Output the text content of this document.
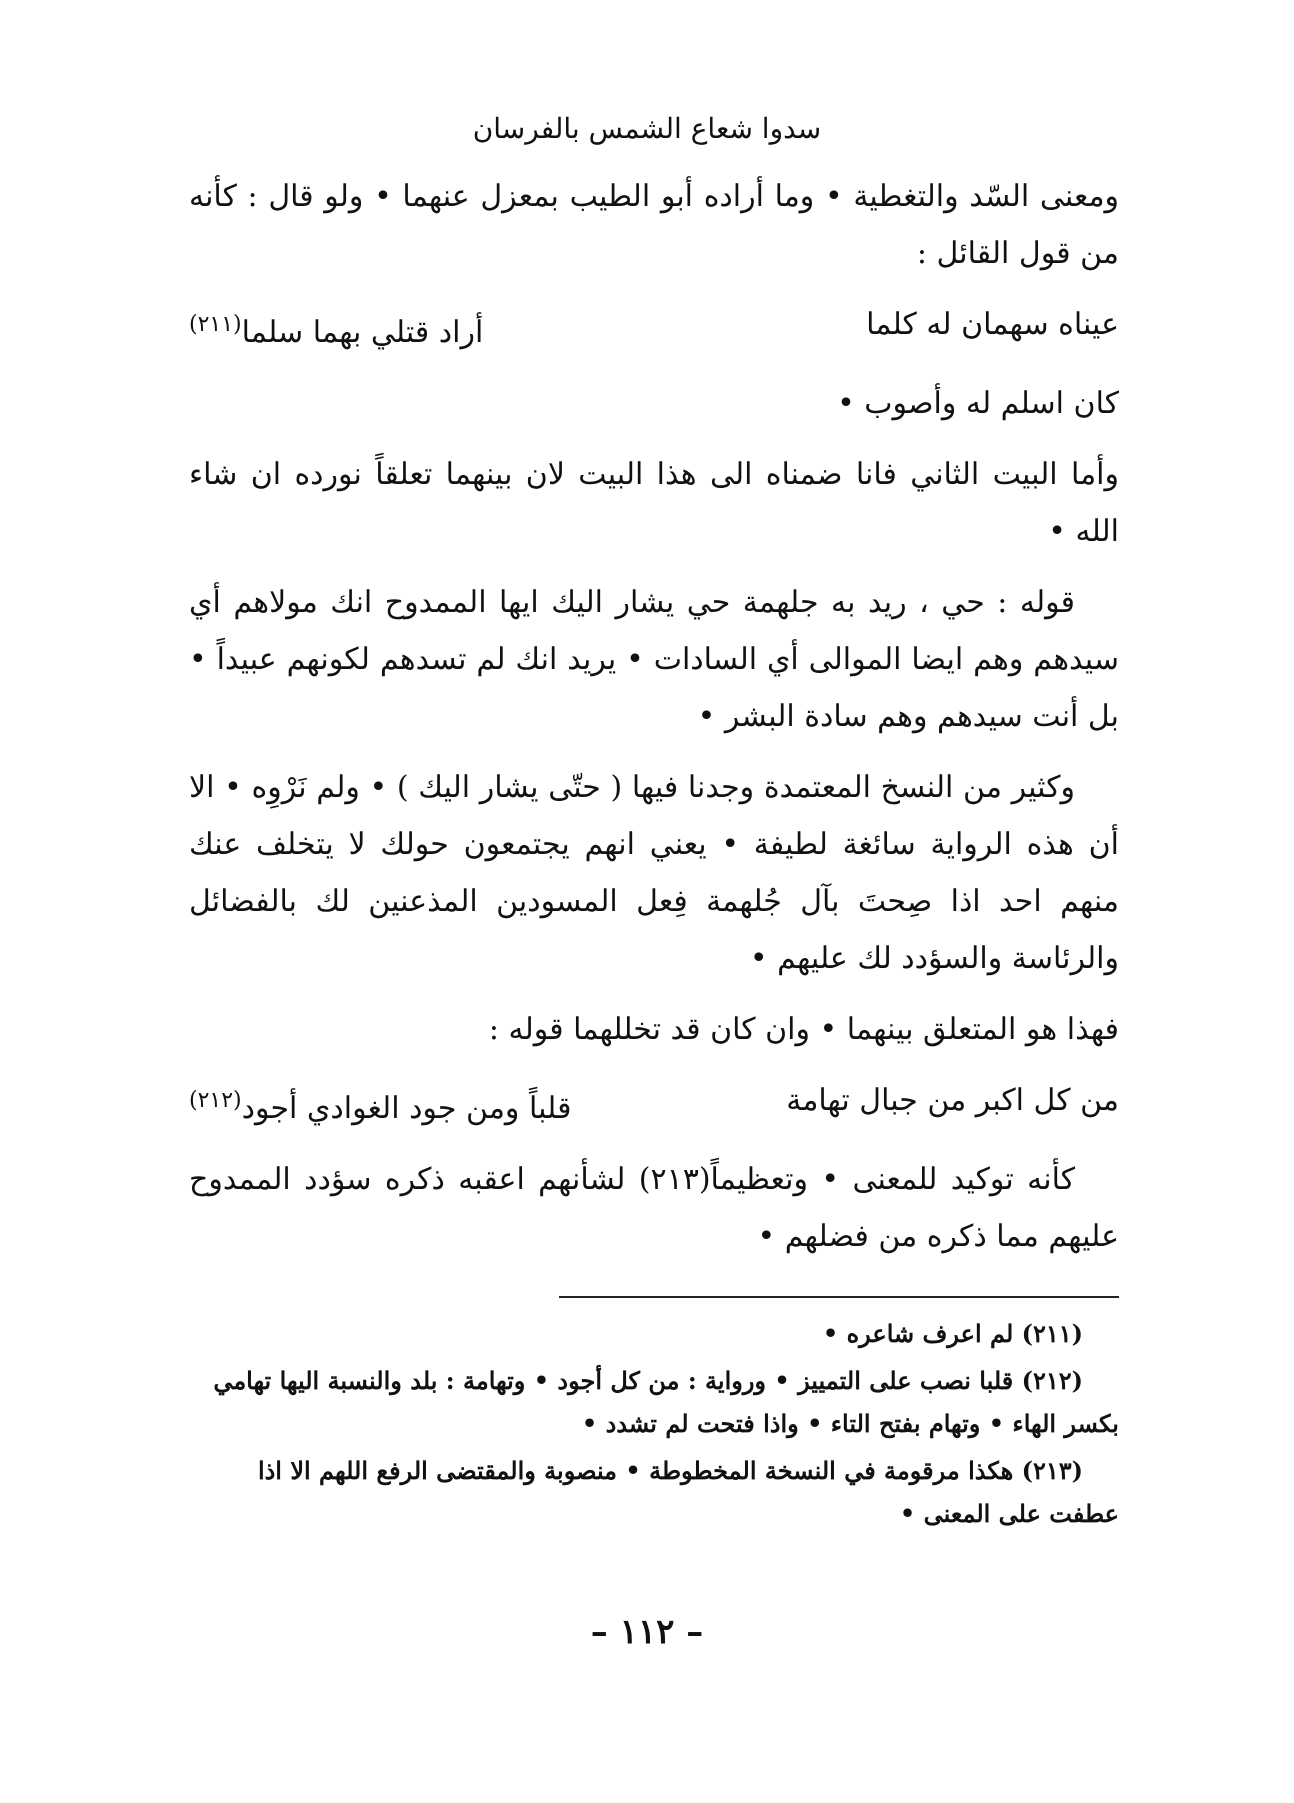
سدوا شعاع الشمس بالفرسان

ومعنى السّد والتغطية • وما أراده أبو الطيب بمعزل عنهما • ولو قال : كأنه من قول القائل :

عيناه سهمان له كلما
أراد قتلي بهما سلما$^{(٢١١)}$

كان اسلم له وأصوب •

وأما البيت الثاني فانا ضمناه الى هذا البيت لان بينهما تعلقاً نورده ان شاء الله •

قوله : حي ، ريد به جلهمة حي يشار اليك ايها الممدوح انك مولاهم أي سيدهم وهم ايضا الموالى أي السادات • يريد انك لم تسدهم لكونهم عبيداً • بل أنت سيدهم وهم سادة البشر •

وكثير من النسخ المعتمدة وجدنا فيها ( حتّى يشار اليك ) • ولم نَرْوِه • الا أن هذه الرواية سائغة لطيفة • يعني انهم يجتمعون حولك لا يتخلف عنك منهم احد اذا صِحتَ بآل جُلهمة فِعل المسودين المذعنين لك بالفضائل والرئاسة والسؤدد لك عليهم •

فهذا هو المتعلق بينهما • وان كان قد تخللهما قوله :

من كل اكبر من جبال تهامة
قلباً ومن جود الغوادي أجود$^{(٢١٢)}$

كأنه توكيد للمعنى • وتعظيماً(٢١٣) لشأنهم اعقبه ذكره سؤدد الممدوح عليهم مما ذكره من فضلهم •

(٢١١) لم اعرف شاعره •

(٢١٢) قلبا نصب على التمييز • ورواية : من كل أجود • وتهامة : بلد والنسبة اليها تهامي بكسر الهاء • وتهام بفتح التاء • واذا فتحت لم تشدد •

(٢١٣) هكذا مرقومة في النسخة المخطوطة • منصوبة والمقتضى الرفع اللهم الا اذا عطفت على المعنى •

– ١١٢ –
